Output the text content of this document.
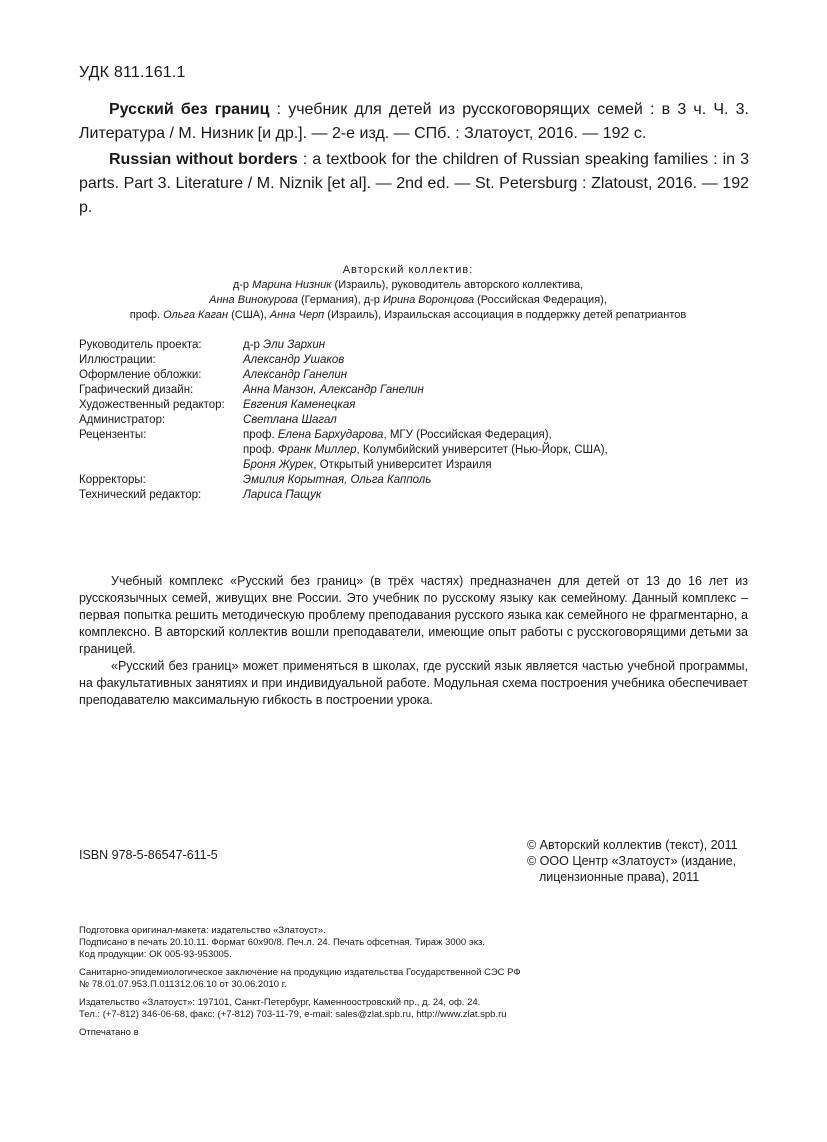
УДК 811.161.1

Русский без границ : учебник для детей из русскоговорящих семей : в 3 ч. Ч. 3. Литература / М. Низник [и др.]. — 2-е изд. — СПб. : Златоуст, 2016. — 192 с.

Russian without borders : a textbook for the children of Russian speaking families : in 3 parts. Part 3. Literature / M. Niznik [et al]. — 2nd ed. — St. Petersburg : Zlatoust, 2016. — 192 p.

Авторский коллектив:
д-р Марина Низник (Израиль), руководитель авторского коллектива,
Анна Винокурова (Германия), д-р Ирина Воронцова (Российская Федерация),
проф. Ольга Каган (США), Анна Черп (Израиль), Израильская ассоциация в поддержку детей репатриантов
Руководитель проекта:	д-р Эли Зархин
Иллюстрации:	Александр Ушаков
Оформление обложки:	Александр Ганелин
Графический дизайн:	Анна Манзон, Александр Ганелин
Художественный редактор:	Евгения Каменецкая
Администратор:	Светлана Шагал
Рецензенты:	проф. Елена Бархударова, МГУ (Российская Федерация),
проф. Франк Миллер, Колумбийский университет (Нью-Йорк, США),
Броня Журек, Открытый университет Израиля
Корректоры:	Эмилия Корытная, Ольга Капполь
Технический редактор:	Лариса Пащук

Учебный комплекс «Русский без границ» (в трёх частях) предназначен для детей от 13 до 16 лет из русскоязычных семей, живущих вне России. Это учебник по русскому языку как семейному. Данный комплекс – первая попытка решить методическую проблему преподавания русского языка как семейного не фрагментарно, а комплексно. В авторский коллектив вошли преподаватели, имеющие опыт работы с русскоговорящими детьми за границей.

«Русский без границ» может применяться в школах, где русский язык является частью учебной программы, на факультативных занятиях и при индивидуальной работе. Модульная схема построения учебника обеспечивает преподавателю максимальную гибкость в построении урока.

ISBN 978-5-86547-611-5
© Авторский коллектив (текст), 2011
© ООО Центр «Златоуст» (издание,
лицензионные права), 2011
Подготовка оригинал-макета: издательство «Златоуст».
Подписано в печать 20.10.11. Формат 60х90/8. Печ.л. 24. Печать офсетная. Тираж 3000 экз.
Код продукции: ОК 005-93-953005.
Санитарно-эпидемиологическое заключение на продукцию издательства Государственной СЭС РФ
№ 78.01.07.953.П.011312.06.10 от 30.06.2010 г.
Издательство «Златоуст»: 197101, Санкт-Петербург, Каменноостровский пр., д. 24, оф. 24.
Тел.: (+7-812) 346-06-68, факс: (+7-812) 703-11-79, e-mail: sales@zlat.spb.ru, http://www.zlat.spb.ru
Отпечатано в
